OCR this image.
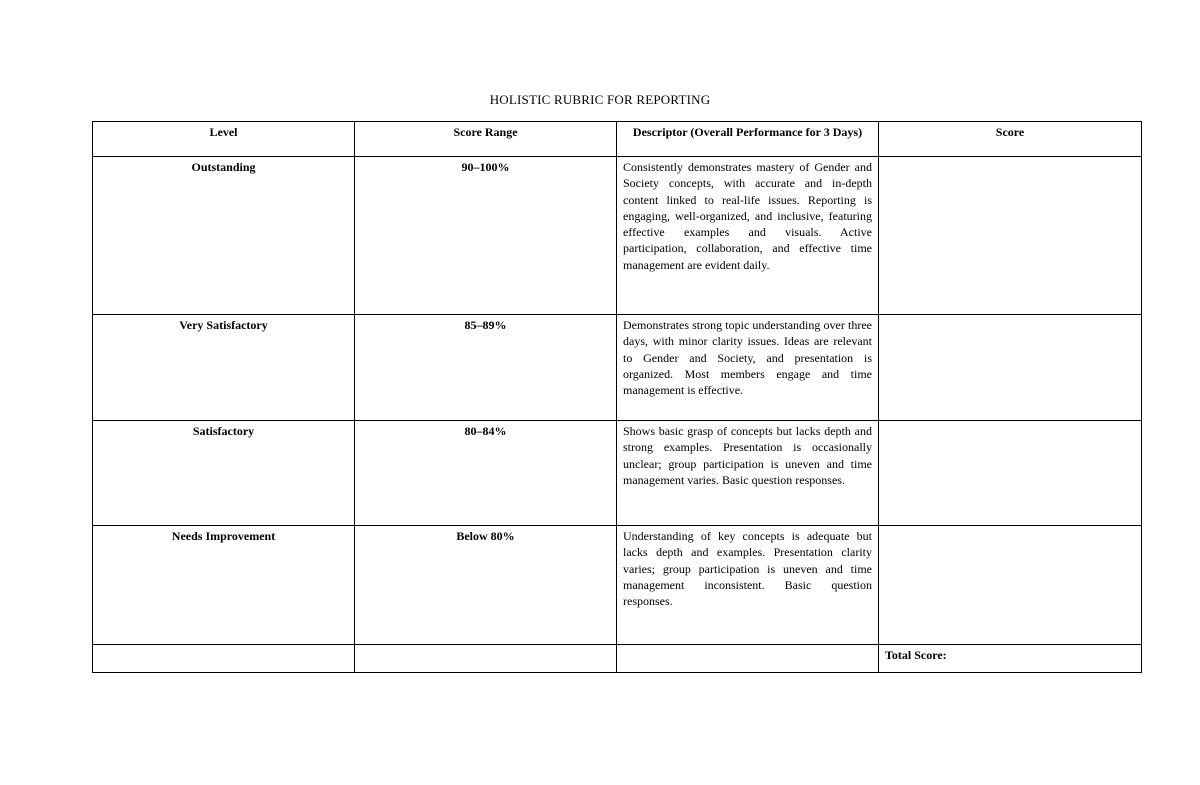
HOLISTIC RUBRIC FOR REPORTING
Level	Score Range	Descriptor (Overall Performance for 3 Days)	Score
Outstanding	90–100%	Consistently demonstrates mastery of Gender and Society concepts, with accurate and in-depth content linked to real-life issues. Reporting is engaging, well-organized, and inclusive, featuring effective examples and visuals. Active participation, collaboration, and effective time management are evident daily.	
Very Satisfactory	85–89%	Demonstrates strong topic understanding over three days, with minor clarity issues. Ideas are relevant to Gender and Society, and presentation is organized. Most members engage and time management is effective.	
Satisfactory	80–84%	Shows basic grasp of concepts but lacks depth and strong examples. Presentation is occasionally unclear; group participation is uneven and time management varies. Basic question responses.	
Needs Improvement	Below 80%	Understanding of key concepts is adequate but lacks depth and examples. Presentation clarity varies; group participation is uneven and time management inconsistent. Basic question responses.	
			Total Score:
